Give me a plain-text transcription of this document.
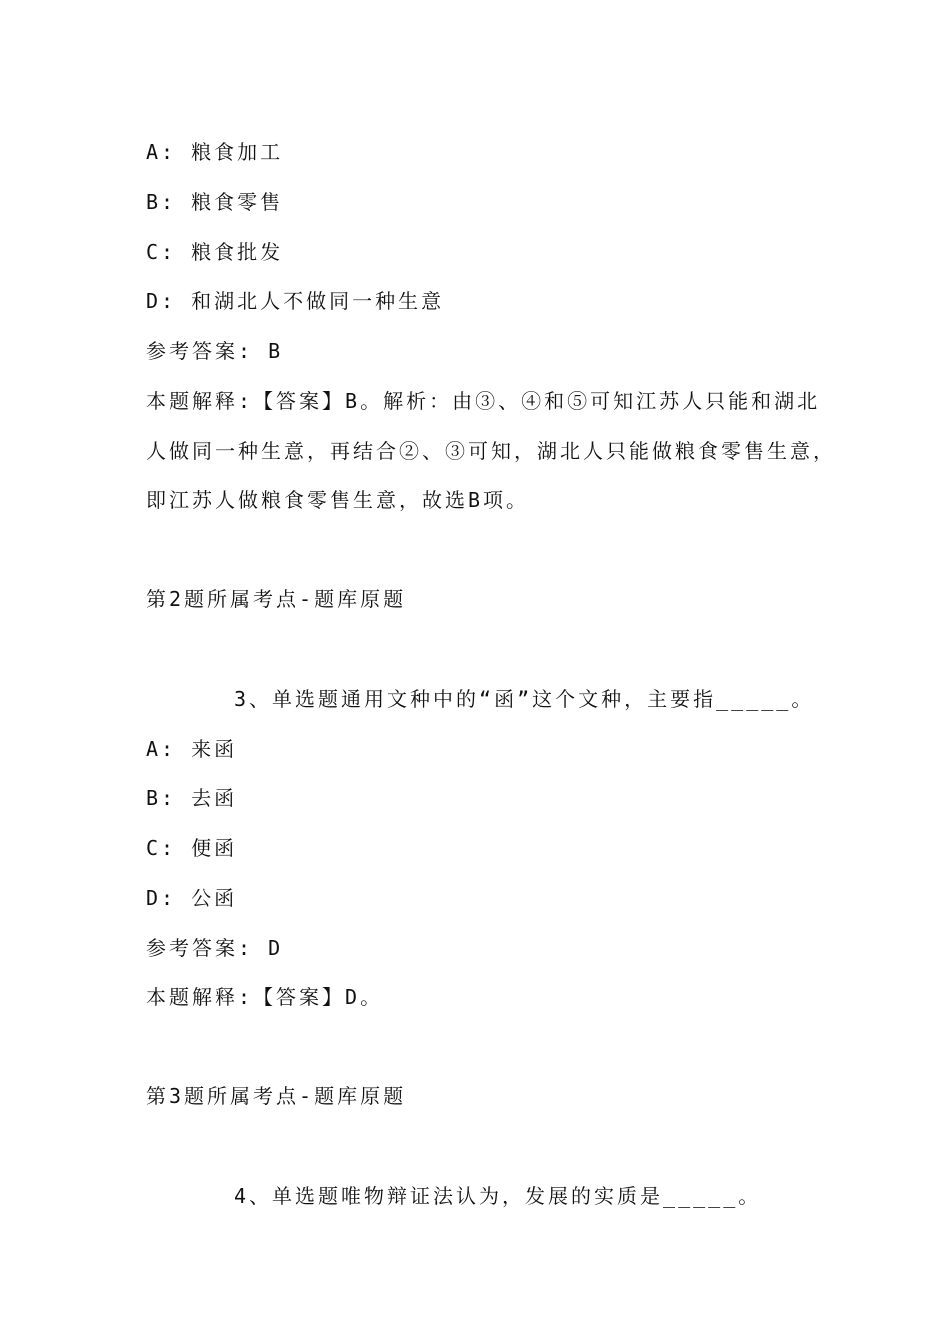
A: 粮食加工
B: 粮食零售
C: 粮食批发
D: 和湖北人不做同一种生意
参考答案: B
本题解释:【答案】B。解析：由③、④和⑤可知江苏人只能和湖北
人做同一种生意，再结合②、③可知，湖北人只能做粮食零售生意，
即江苏人做粮食零售生意，故选B项。
第2题所属考点-题库原题
3、单选题通用文种中的“函”这个文种，主要指_____。
A: 来函
B: 去函
C: 便函
D: 公函
参考答案: D
本题解释:【答案】D。
第3题所属考点-题库原题
4、单选题唯物辩证法认为，发展的实质是_____。
